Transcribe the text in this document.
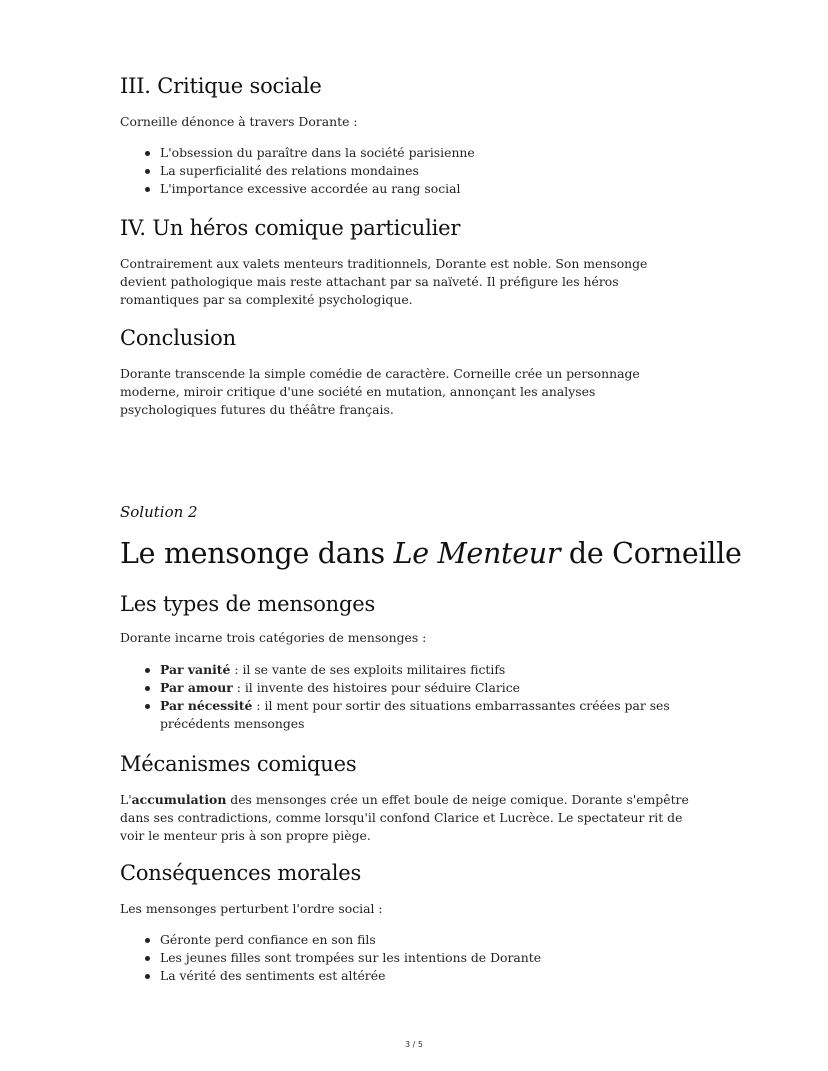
III. Critique sociale

Corneille dénonce à travers Dorante :

L'obsession du paraître dans la société parisienne
La superficialité des relations mondaines
L'importance excessive accordée au rang social
IV. Un héros comique particulier

Contrairement aux valets menteurs traditionnels, Dorante est noble. Son mensonge

devient pathologique mais reste attachant par sa naïveté. Il préfigure les héros

romantiques par sa complexité psychologique.

Conclusion

Dorante transcende la simple comédie de caractère. Corneille crée un personnage

moderne, miroir critique d'une société en mutation, annonçant les analyses

psychologiques futures du théâtre français.

Solution 2
Le mensonge dans Le Menteur de Corneille
Les types de mensonges

Dorante incarne trois catégories de mensonges :

Par vanité : il se vante de ses exploits militaires fictifs
Par amour : il invente des histoires pour séduire Clarice
Par nécessité : il ment pour sortir des situations embarrassantes créées par ses
précédents mensonges
Mécanismes comiques

L'accumulation des mensonges crée un effet boule de neige comique. Dorante s'empêtre

dans ses contradictions, comme lorsqu'il confond Clarice et Lucrèce. Le spectateur rit de

voir le menteur pris à son propre piège.

Conséquences morales

Les mensonges perturbent l'ordre social :

Géronte perd confiance en son fils
Les jeunes filles sont trompées sur les intentions de Dorante
La vérité des sentiments est altérée
3 / 5
